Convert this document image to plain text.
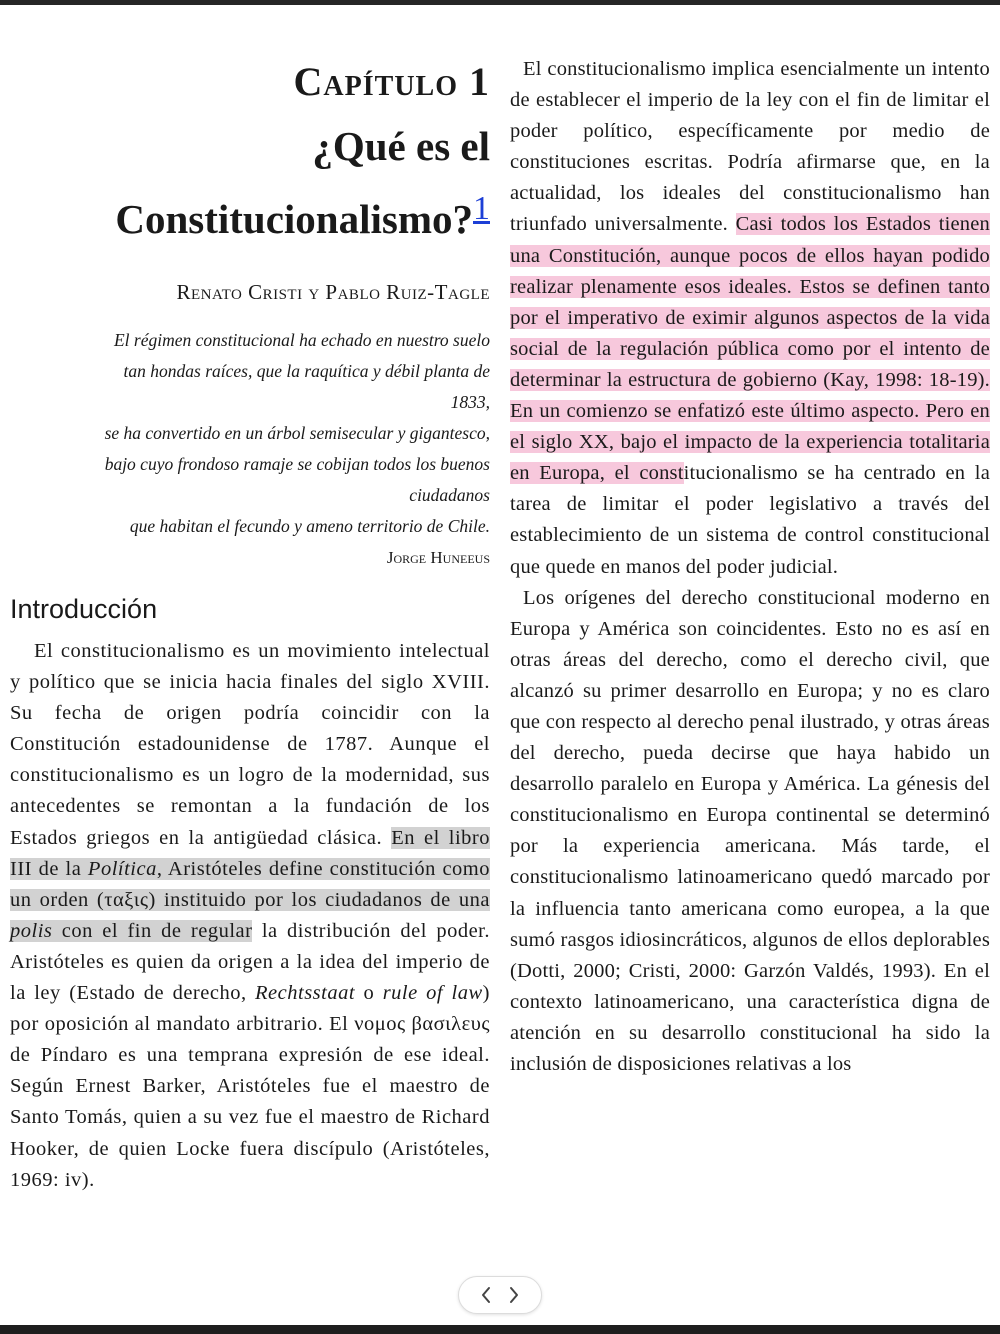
Capítulo 1
¿Qué es el
Constitucionalismo?$^1$
Renato Cristi y Pablo Ruiz-Tagle
El régimen constitucional ha echado en nuestro suelo
tan hondas raíces, que la raquítica y débil planta de
1833,
se ha convertido en un árbol semisecular y gigantesco,
bajo cuyo frondoso ramaje se cobijan todos los buenos
ciudadanos
que habitan el fecundo y ameno territorio de Chile.
Jorge Huneeus
Introducción

El constitucionalismo es un movimiento intelectual y político que se inicia hacia finales del siglo XVIII. Su fecha de origen podría coincidir con la Constitución estadounidense de 1787. Aunque el constitucionalismo es un logro de la modernidad, sus antecedentes se remontan a la fundación de los Estados griegos en la antigüedad clásica. En el libro III de la Política, Aristóteles define constitución como un orden (ταξις) instituido por los ciudadanos de una polis con el fin de regular la distribución del poder. Aristóteles es quien da origen a la idea del imperio de la ley (Estado de derecho, Rechtsstaat o rule of law) por oposición al mandato arbitrario. El νομος βασιλευς de Píndaro es una temprana expresión de ese ideal. Según Ernest Barker, Aristóteles fue el maestro de Santo Tomás, quien a su vez fue el maestro de Richard Hooker, de quien Locke fuera discípulo (Aristóteles, 1969: iv).

El constitucionalismo implica esencialmente un intento de establecer el imperio de la ley con el fin de limitar el poder político, específicamente por medio de constituciones escritas. Podría afirmarse que, en la actualidad, los ideales del constitucionalismo han triunfado universalmente. Casi todos los Estados tienen una Constitución, aunque pocos de ellos hayan podido realizar plenamente esos ideales. Estos se definen tanto por el imperativo de eximir algunos aspectos de la vida social de la regulación pública como por el intento de determinar la estructura de gobierno (Kay, 1998: 18-19). En un comienzo se enfatizó este último aspecto. Pero en el siglo XX, bajo el impacto de la experiencia totalitaria en Europa, el constitucionalismo se ha centrado en la tarea de limitar el poder legislativo a través del establecimiento de un sistema de control constitucional que quede en manos del poder judicial.

Los orígenes del derecho constitucional moderno en Europa y América son coincidentes. Esto no es así en otras áreas del derecho, como el derecho civil, que alcanzó su primer desarrollo en Europa; y no es claro que con respecto al derecho penal ilustrado, y otras áreas del derecho, pueda decirse que haya habido un desarrollo paralelo en Europa y América. La génesis del constitucionalismo en Europa continental se determinó por la experiencia americana. Más tarde, el constitucionalismo latinoamericano quedó marcado por la influencia tanto americana como europea, a la que sumó rasgos idiosincráticos, algunos de ellos deplorables (Dotti, 2000; Cristi, 2000: Garzón Valdés, 1993). En el contexto latinoamericano, una característica digna de atención en su desarrollo constitucional ha sido la inclusión de disposiciones relativas a los
